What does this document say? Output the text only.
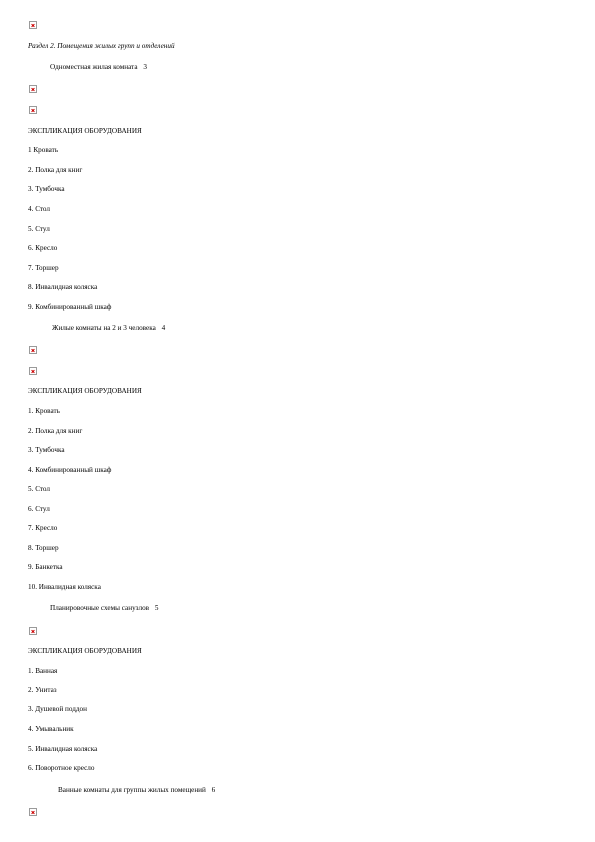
Раздел 2. Помещения жилых групп и отделений
Одноместная жилая комната 3
ЭКСПЛИКАЦИЯ ОБОРУДОВАНИЯ
1 Кровать
2. Полка для книг
3. Тумбочка
4. Стол
5. Стул
6. Кресло
7. Торшер
8. Инвалидная коляска
9. Комбинированный шкаф
Жилые комнаты на 2 и 3 человека 4
ЭКСПЛИКАЦИЯ ОБОРУДОВАНИЯ
1. Кровать
2. Полка для книг
3. Тумбочка
4. Комбинированный шкаф
5. Стол
6. Стул
7. Кресло
8. Торшер
9. Банкетка
10. Инвалидная коляска
Планировочные схемы санузлов 5
ЭКСПЛИКАЦИЯ ОБОРУДОВАНИЯ
1. Ванная
2. Унитаз
3. Душевой поддон
4. Умывальник
5. Инвалидная коляска
6. Поворотное кресло
Ванные комнаты для группы жилых помещений 6
